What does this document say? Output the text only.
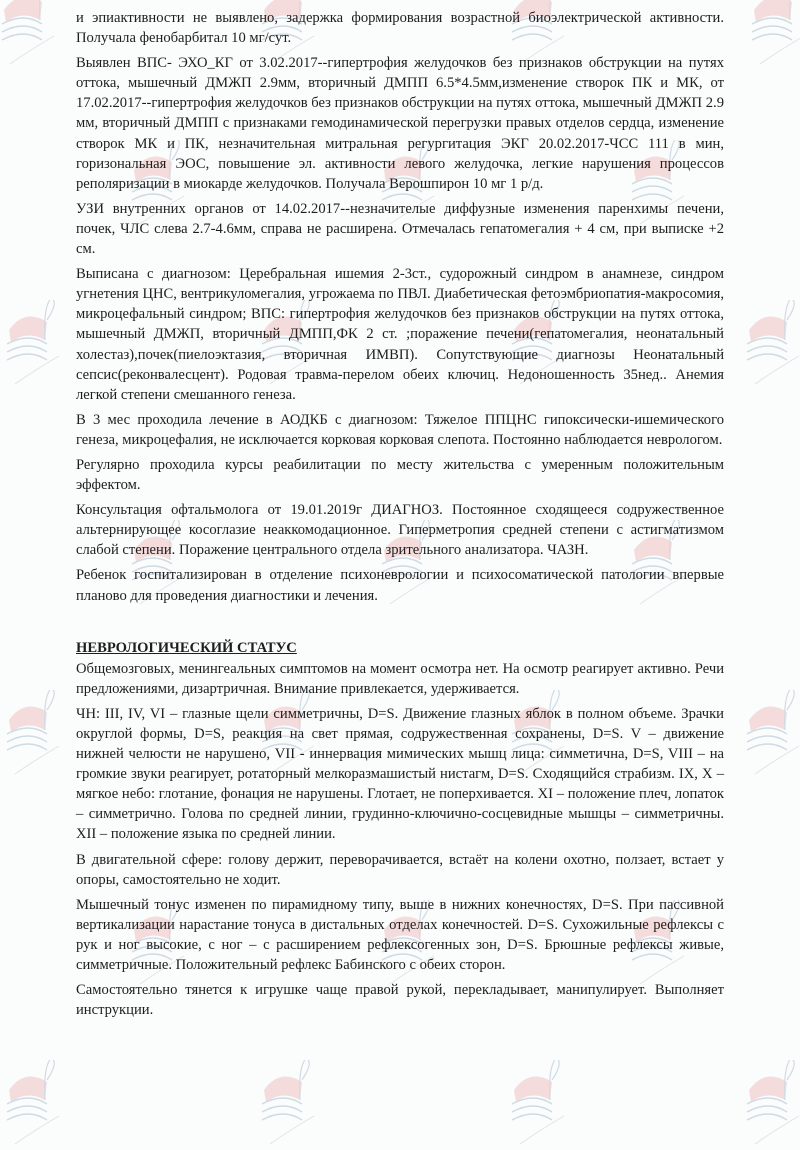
и эпиактивности не выявлено, задержка формирования возрастной биоэлектрической активности. Получала фенобарбитал 10 мг/сут.

Выявлен ВПС- ЭХО_КГ от 3.02.2017--гипертрофия желудочков без признаков обструкции на путях оттока, мышечный ДМЖП 2.9мм, вторичный ДМПП 6.5*4.5мм,изменение створок ПК и МК, от 17.02.2017--гипертрофия желудочков без признаков обструкции на путях оттока, мышечный ДМЖП 2.9 мм, вторичный ДМПП с признаками гемодинамической перегрузки правых отделов сердца, изменение створок МК и ПК, незначительная митральная регургитация ЭКГ 20.02.2017-ЧСС 111 в мин, горизональная ЭОС, повышение эл. активности левого желудочка, легкие нарушения процессов реполяризации в миокарде желудочков. Получала Верошпирон 10 мг 1 р/д.

УЗИ внутренних органов от 14.02.2017--незначителые диффузные изменения паренхимы печени, почек, ЧЛС слева 2.7-4.6мм, справа не расширена. Отмечалась гепатомегалия + 4 см, при выписке +2 см.

Выписана с диагнозом: Церебральная ишемия 2-3ст., судорожный синдром в анамнезе, синдром угнетения ЦНС, вентрикуломегалия, угрожаема по ПВЛ. Диабетическая фетоэмбриопатия-макросомия, микроцефальный синдром; ВПС: гипертрофия желудочков без признаков обструкции на путях оттока, мышечный ДМЖП, вторичный ДМПП,ФК 2 ст. ;поражение печени(гепатомегалия, неонатальный холестаз),почек(пиелоэктазия, вторичная ИМВП). Сопутствующие диагнозы Неонатальный сепсис(реконвалесцент). Родовая травма-перелом обеих ключиц. Недоношенность 35нед.. Анемия легкой степени смешанного генеза.

В 3 мес проходила лечение в АОДКБ с диагнозом: Тяжелое ППЦНС гипоксически-ишемического генеза, микроцефалия, не исключается корковая корковая слепота. Постоянно наблюдается неврологом.

Регулярно проходила курсы реабилитации по месту жительства с умеренным положительным эффектом.

Консультация офтальмолога от 19.01.2019г ДИАГНОЗ. Постоянное сходящееся содружественное альтернирующее косоглазие неаккомодационное. Гиперметропия средней степени с астигматизмом слабой степени. Поражение центрального отдела зрительного анализатора. ЧАЗН.

Ребенок госпитализирован в отделение психоневрологии и психосоматической патологии впервые планово для проведения диагностики и лечения.

НЕВРОЛОГИЧЕСКИЙ СТАТУС

Общемозговых, менингеальных симптомов на момент осмотра нет. На осмотр реагирует активно. Речи предложениями, дизартричная. Внимание привлекается, удерживается.

ЧН: III, IV, VI – глазные щели симметричны, D=S. Движение глазных яблок в полном объеме. Зрачки округлой формы, D=S, реакция на свет прямая, содружественная сохранены, D=S. V – движение нижней челюсти не нарушено, VII - иннервация мимических мышц лица: симметична, D=S, VIII – на громкие звуки реагирует, ротаторный мелкоразмашистый нистагм, D=S. Сходящийся страбизм. IX, X – мягкое небо: глотание, фонация не нарушены. Глотает, не поперхивается. XI – положение плеч, лопаток – симметрично. Голова по средней линии, грудинно-ключично-сосцевидные мышцы – симметричны. XII – положение языка по средней линии.

В двигательной сфере: голову держит, переворачивается, встаёт на колени охотно, ползает, встает у опоры, самостоятельно не ходит.

Мышечный тонус изменен по пирамидному типу, выше в нижних конечностях, D=S. При пассивной вертикализации нарастание тонуса в дистальных отделах конечностей. D=S. Сухожильные рефлексы с рук и ног высокие, с ног – с расширением рефлексогенных зон, D=S. Брюшные рефлексы живые, симметричные. Положительный рефлекс Бабинского с обеих сторон.

Самостоятельно тянется к игрушке чаще правой рукой, перекладывает, манипулирует. Выполняет инструкции.
